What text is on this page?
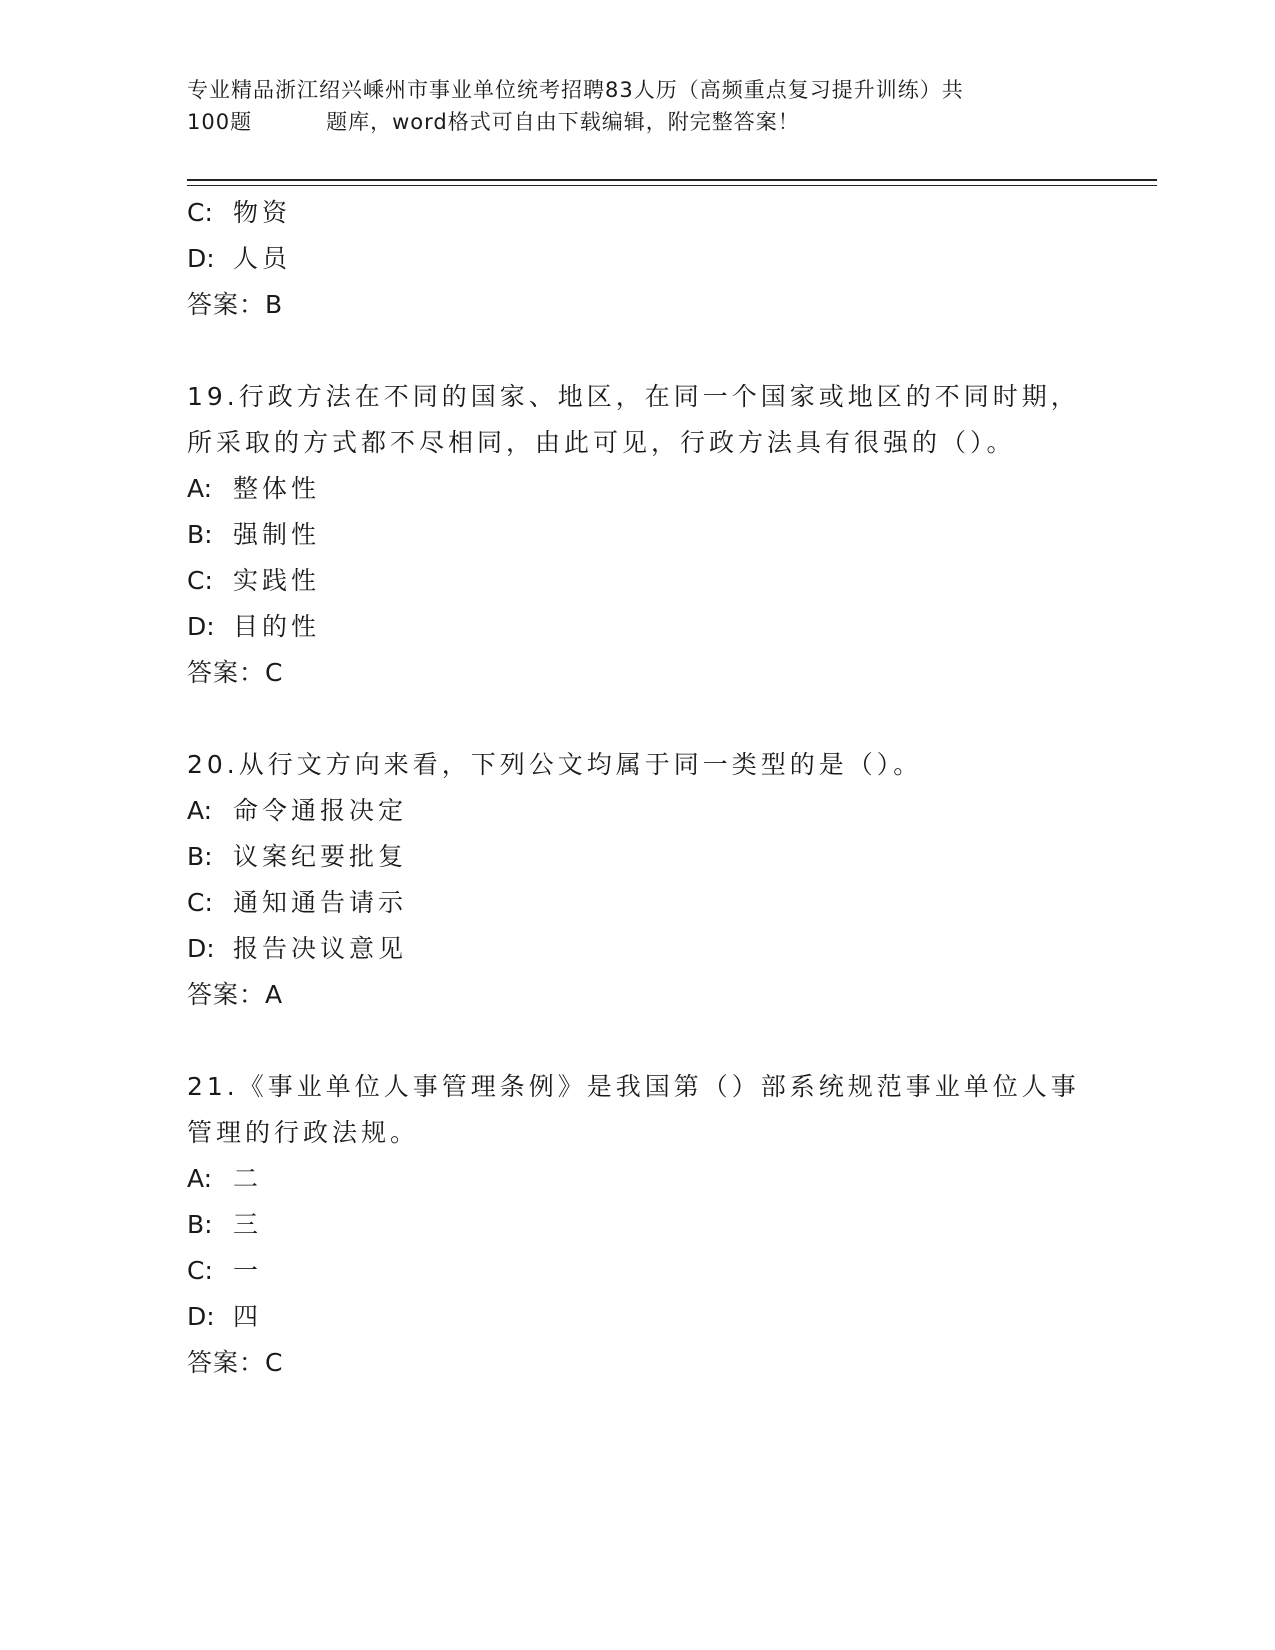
专业精品浙江绍兴嵊州市事业单位统考招聘83人历（高频重点复习提升训练）共
100题	题库，word格式可自由下载编辑，附完整答案！
C: 物资
D: 人员
答案：B
19.行政方法在不同的国家、地区，在同一个国家或地区的不同时期，
所采取的方式都不尽相同，由此可见，行政方法具有很强的（）。
A: 整体性
B: 强制性
C: 实践性
D: 目的性
答案：C
20.从行文方向来看，下列公文均属于同一类型的是（）。
A: 命令通报决定
B: 议案纪要批复
C: 通知通告请示
D: 报告决议意见
答案：A
21.《事业单位人事管理条例》是我国第（）部系统规范事业单位人事
管理的行政法规。
A: 二
B: 三
C: 一
D: 四
答案：C
